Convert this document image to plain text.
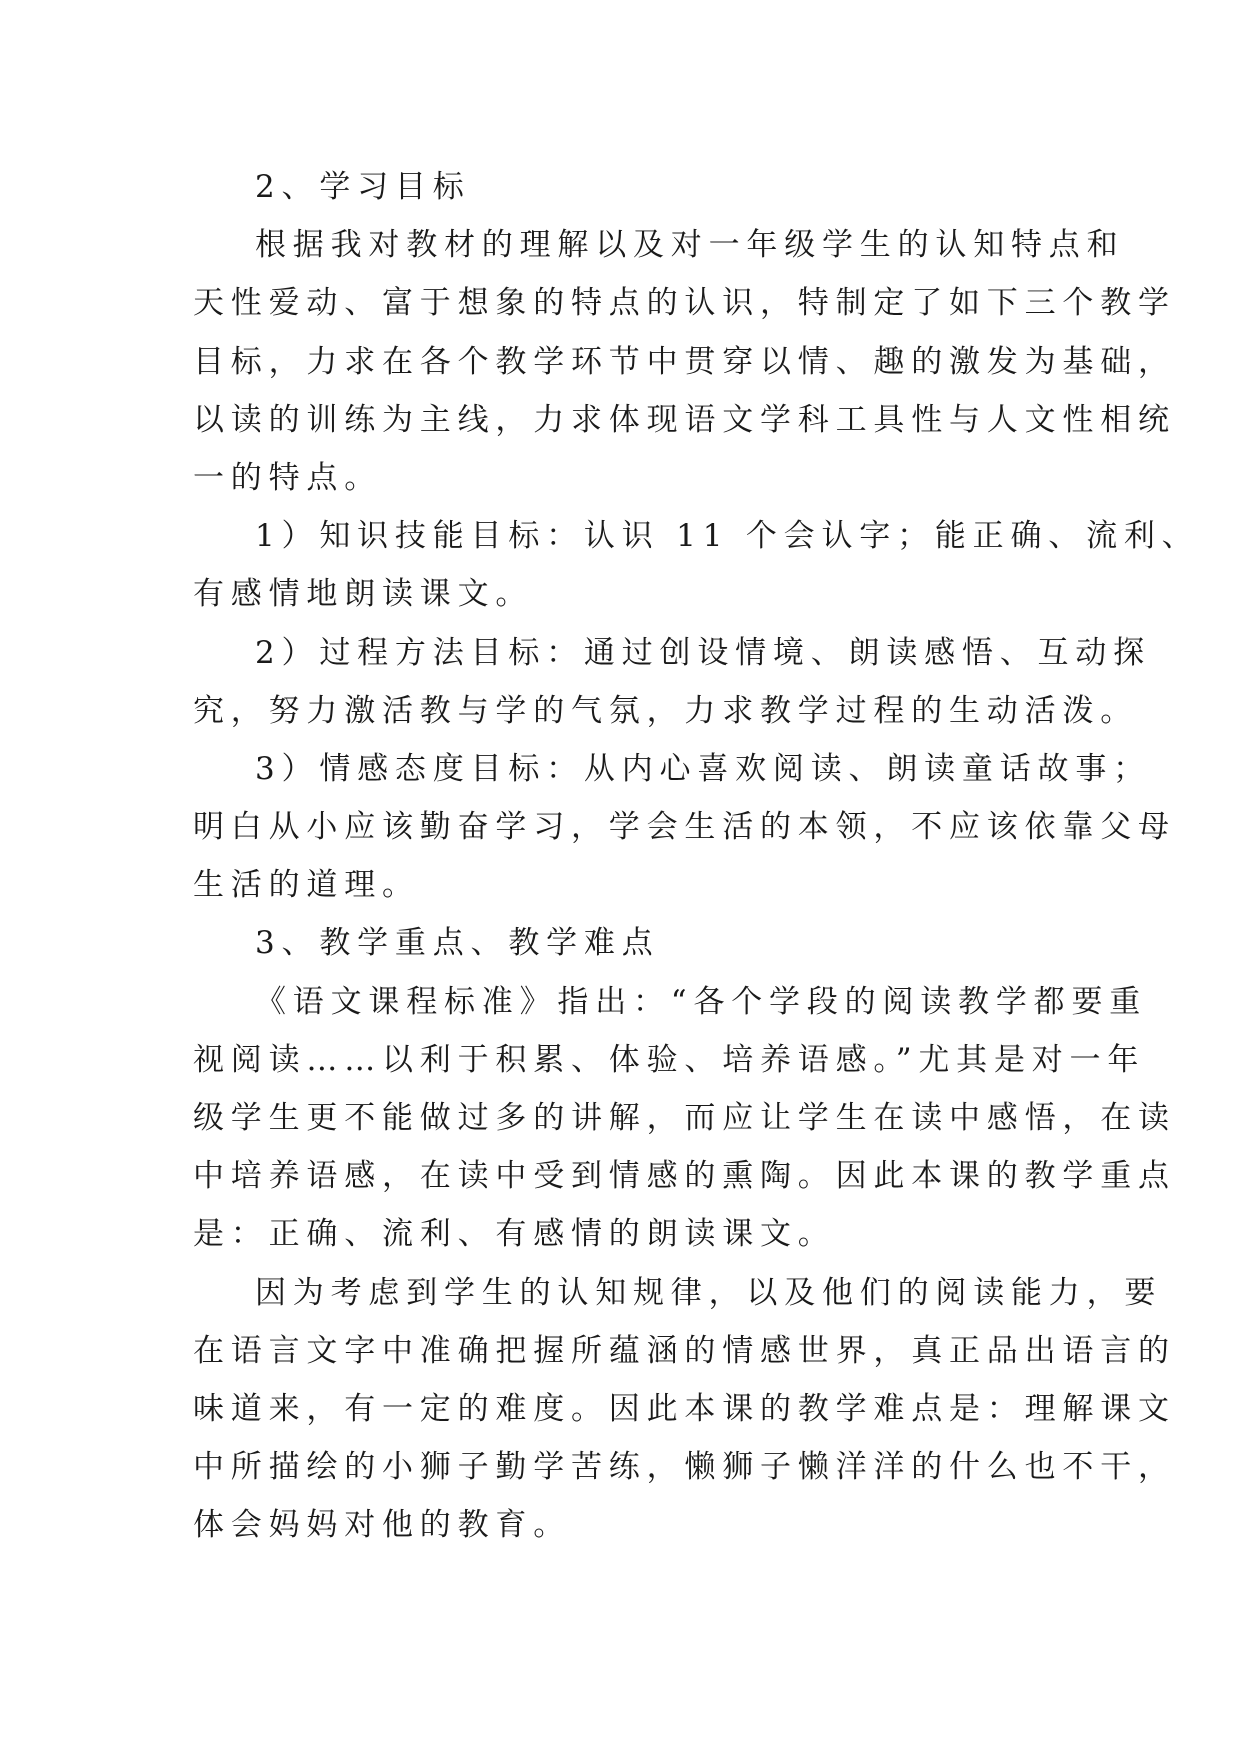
2、学习目标
根据我对教材的理解以及对一年级学生的认知特点和
天性爱动、富于想象的特点的认识，特制定了如下三个教学
目标，力求在各个教学环节中贯穿以情、趣的激发为基础，
以读的训练为主线，力求体现语文学科工具性与人文性相统
一的特点。
1）知识技能目标：认识 11 个会认字；能正确、流利、
有感情地朗读课文。
2）过程方法目标：通过创设情境、朗读感悟、互动探
究，努力激活教与学的气氛，力求教学过程的生动活泼。
3）情感态度目标：从内心喜欢阅读、朗读童话故事；
明白从小应该勤奋学习，学会生活的本领，不应该依靠父母
生活的道理。
3、教学重点、教学难点
《语文课程标准》指出：“各个学段的阅读教学都要重
视阅读……以利于积累、体验、培养语感。”尤其是对一年
级学生更不能做过多的讲解，而应让学生在读中感悟，在读
中培养语感，在读中受到情感的熏陶。因此本课的教学重点
是：正确、流利、有感情的朗读课文。
因为考虑到学生的认知规律，以及他们的阅读能力，要
在语言文字中准确把握所蕴涵的情感世界，真正品出语言的
味道来，有一定的难度。因此本课的教学难点是：理解课文
中所描绘的小狮子勤学苦练，懒狮子懒洋洋的什么也不干，
体会妈妈对他的教育。
